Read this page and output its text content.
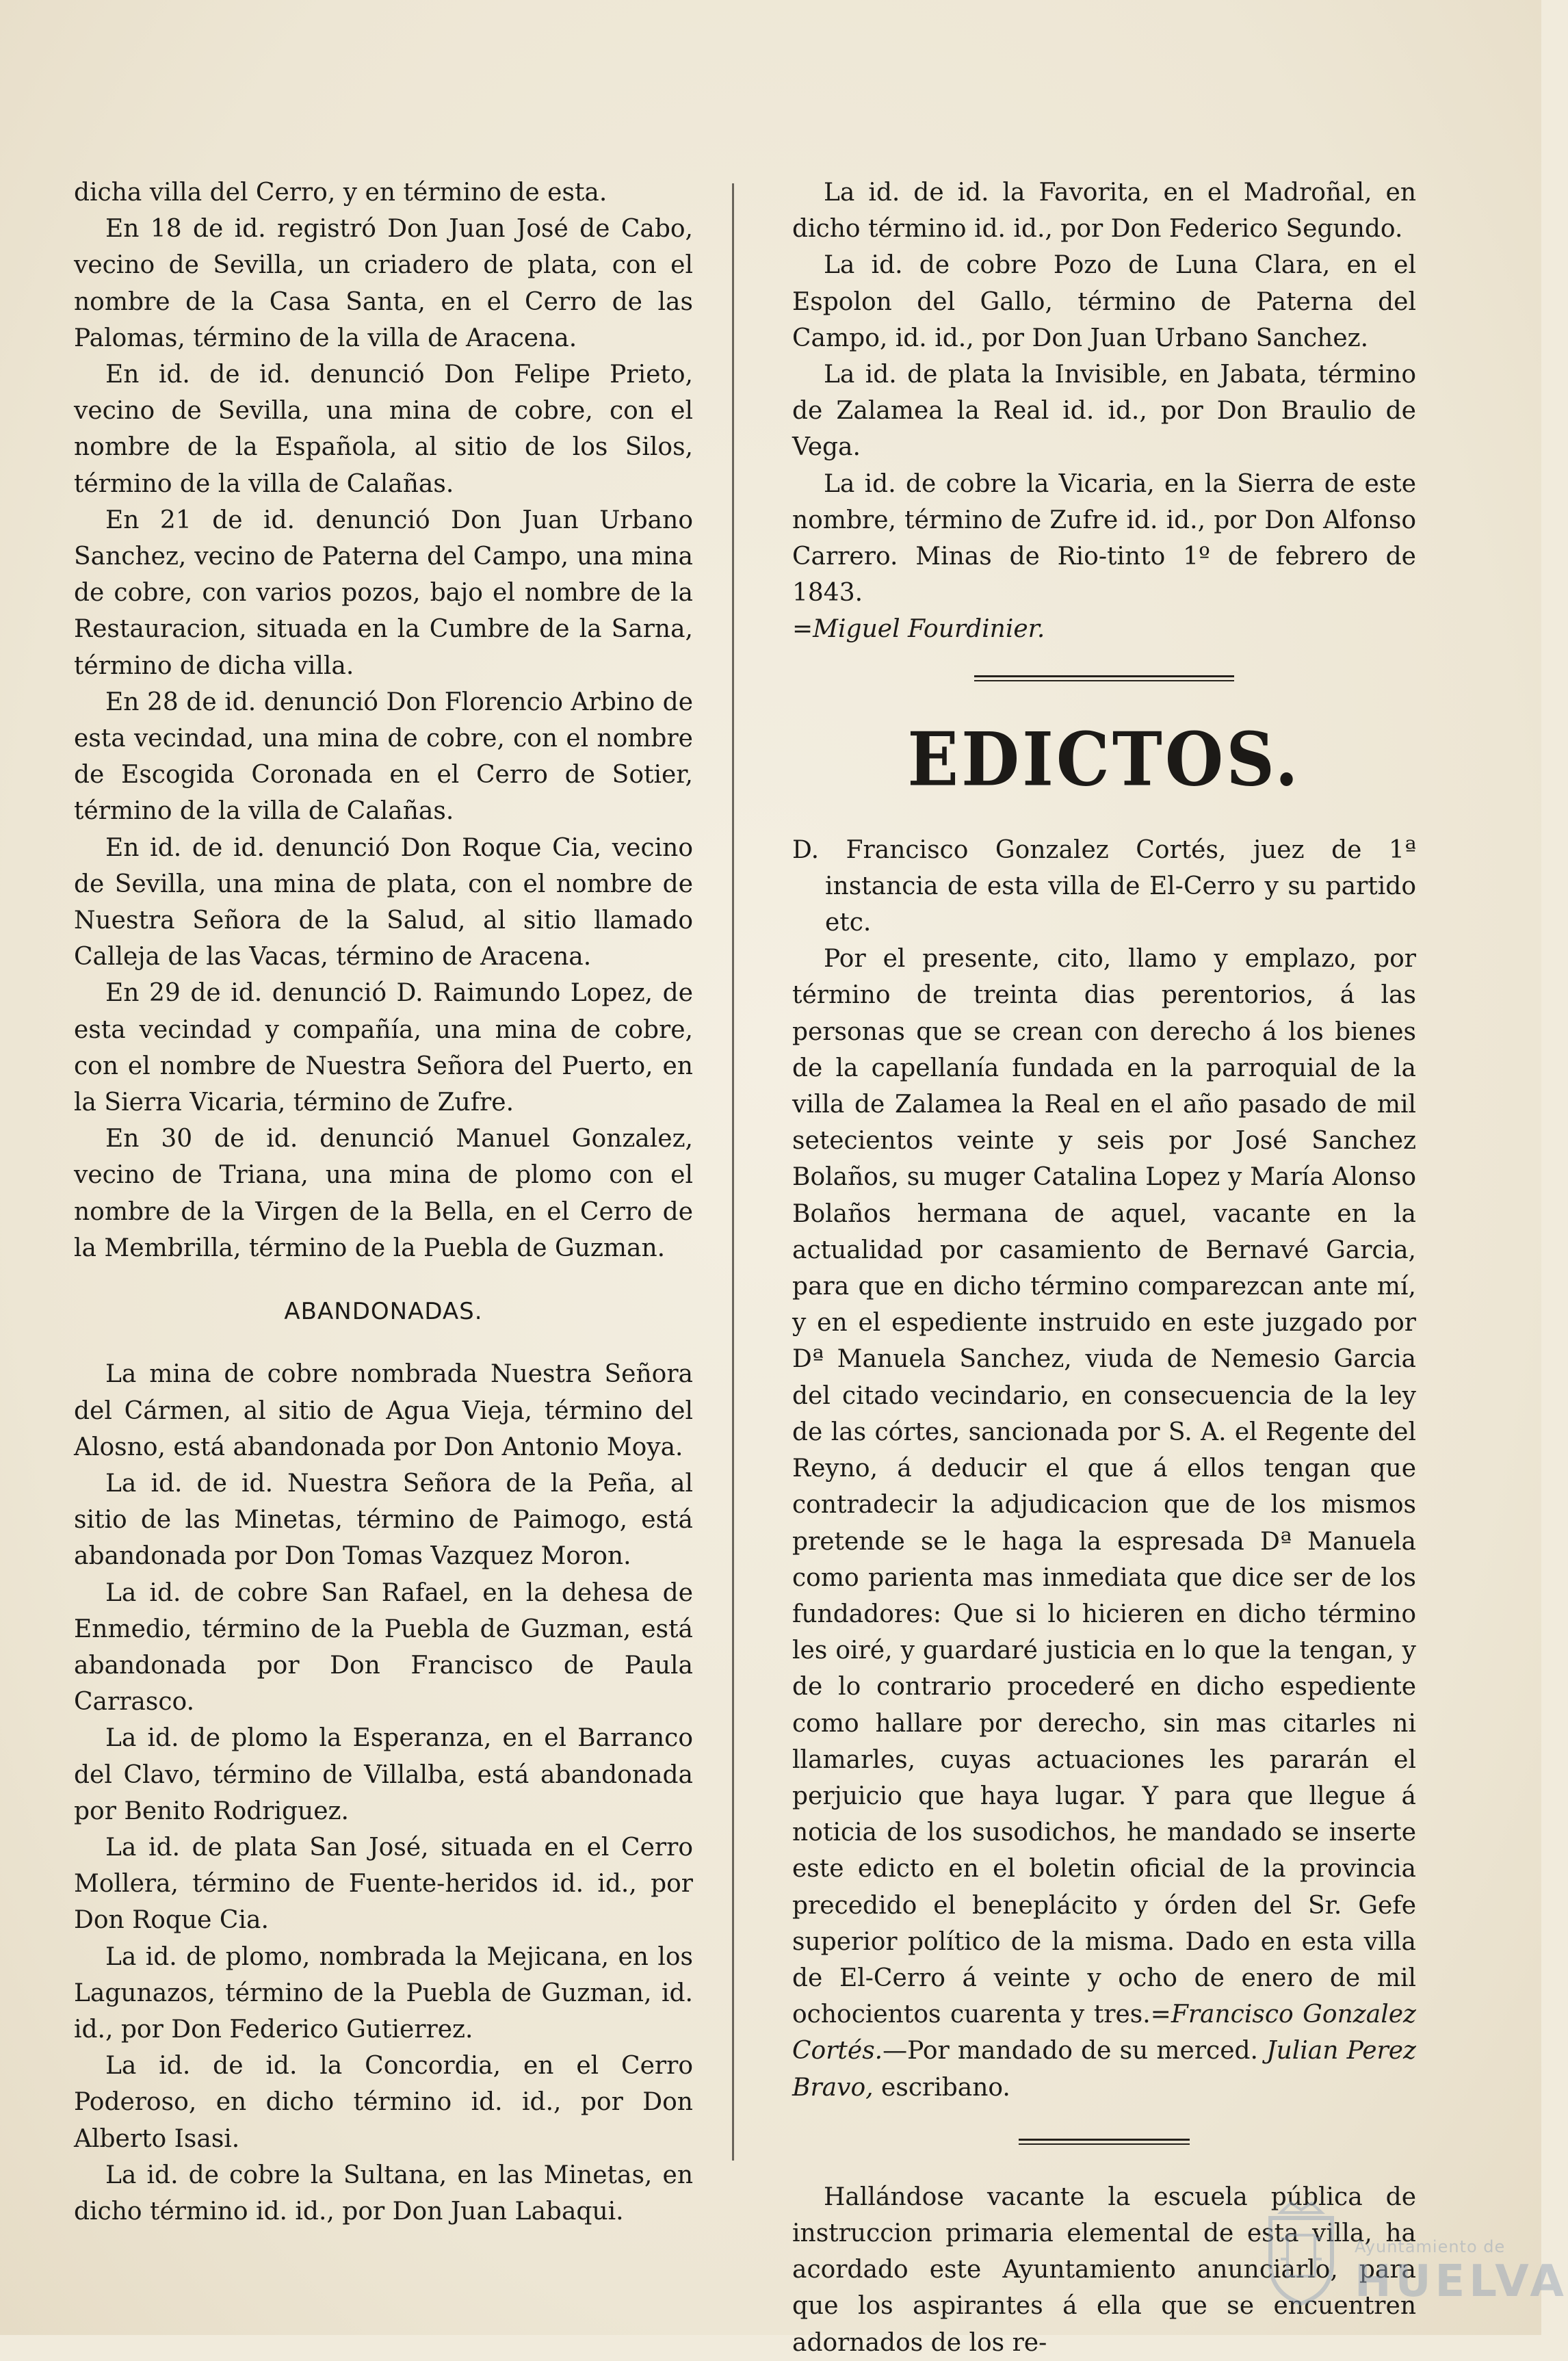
dicha villa del Cerro, y en término de esta.

En 18 de id. registró Don Juan José de Cabo, vecino de Sevilla, un criadero de plata, con el nombre de la Casa Santa, en el Cerro de las Palomas, término de la villa de Aracena.

En id. de id. denunció Don Felipe Prieto, vecino de Sevilla, una mina de cobre, con el nombre de la Española, al sitio de los Silos, término de la villa de Calañas.

En 21 de id. denunció Don Juan Urbano Sanchez, vecino de Paterna del Campo, una mina de cobre, con varios pozos, bajo el nombre de la Restauracion, situada en la Cumbre de la Sarna, término de dicha villa.

En 28 de id. denunció Don Florencio Arbino de esta vecindad, una mina de cobre, con el nombre de Escogida Coronada en el Cerro de Sotier, término de la villa de Calañas.

En id. de id. denunció Don Roque Cia, vecino de Sevilla, una mina de plata, con el nombre de Nuestra Señora de la Salud, al sitio llamado Calleja de las Vacas, término de Aracena.

En 29 de id. denunció D. Raimundo Lopez, de esta vecindad y compañía, una mina de cobre, con el nombre de Nuestra Señora del Puerto, en la Sierra Vicaria, término de Zufre.

En 30 de id. denunció Manuel Gonzalez, vecino de Triana, una mina de plomo con el nombre de la Virgen de la Bella, en el Cerro de la Membrilla, término de la Puebla de Guzman.

ABANDONADAS.

La mina de cobre nombrada Nuestra Señora del Cármen, al sitio de Agua Vieja, término del Alosno, está abandonada por Don Antonio Moya.

La id. de id. Nuestra Señora de la Peña, al sitio de las Minetas, término de Paimogo, está abandonada por Don Tomas Vazquez Moron.

La id. de cobre San Rafael, en la dehesa de Enmedio, término de la Puebla de Guzman, está abandonada por Don Francisco de Paula Carrasco.

La id. de plomo la Esperanza, en el Barranco del Clavo, término de Villalba, está abandonada por Benito Rodriguez.

La id. de plata San José, situada en el Cerro Mollera, término de Fuente-heridos id. id., por Don Roque Cia.

La id. de plomo, nombrada la Mejicana, en los Lagunazos, término de la Puebla de Guzman, id. id., por Don Federico Gutierrez.

La id. de id. la Concordia, en el Cerro Poderoso, en dicho término id. id., por Don Alberto Isasi.

La id. de cobre la Sultana, en las Minetas, en dicho término id. id., por Don Juan Labaqui.

La id. de id. la Favorita, en el Madroñal, en dicho término id. id., por Don Federico Segundo.

La id. de cobre Pozo de Luna Clara, en el Espolon del Gallo, término de Paterna del Campo, id. id., por Don Juan Urbano Sanchez.

La id. de plata la Invisible, en Jabata, término de Zalamea la Real id. id., por Don Braulio de Vega.

La id. de cobre la Vicaria, en la Sierra de este nombre, término de Zufre id. id., por Don Alfonso Carrero. Minas de Rio-tinto 1º de febrero de 1843.

=Miguel Fourdinier.

EDICTOS.

D. Francisco Gonzalez Cortés, juez de 1ª instancia de esta villa de El-Cerro y su partido etc.

Por el presente, cito, llamo y emplazo, por término de treinta dias perentorios, á las personas que se crean con derecho á los bienes de la capellanía fundada en la parroquial de la villa de Zalamea la Real en el año pasado de mil setecientos veinte y seis por José Sanchez Bolaños, su muger Catalina Lopez y María Alonso Bolaños hermana de aquel, vacante en la actualidad por casamiento de Bernavé Garcia, para que en dicho término comparezcan ante mí, y en el espediente instruido en este juzgado por Dª Manuela Sanchez, viuda de Nemesio Garcia del citado vecindario, en consecuencia de la ley de las córtes, sancionada por S. A. el Regente del Reyno, á deducir el que á ellos tengan que contradecir la adjudicacion que de los mismos pretende se le haga la espresada Dª Manuela como parienta mas inmediata que dice ser de los fundadores: Que si lo hicieren en dicho término les oiré, y guardaré justicia en lo que la tengan, y de lo contrario procederé en dicho espediente como hallare por derecho, sin mas citarles ni llamarles, cuyas actuaciones les pararán el perjuicio que haya lugar. Y para que llegue á noticia de los susodichos, he mandado se inserte este edicto en el boletin oficial de la provincia precedido el beneplácito y órden del Sr. Gefe superior político de la misma. Dado en esta villa de El-Cerro á veinte y ocho de enero de mil ochocientos cuarenta y tres.=Francisco Gonzalez Cortés.—Por mandado de su merced. Julian Perez Bravo, escribano.

Hallándose vacante la escuela pública de instruccion primaria elemental de esta villa, ha acordado este Ayuntamiento anunciarlo, para que los aspirantes á ella que se encuentren adornados de los re-

Ayuntamiento de
HUELVA
